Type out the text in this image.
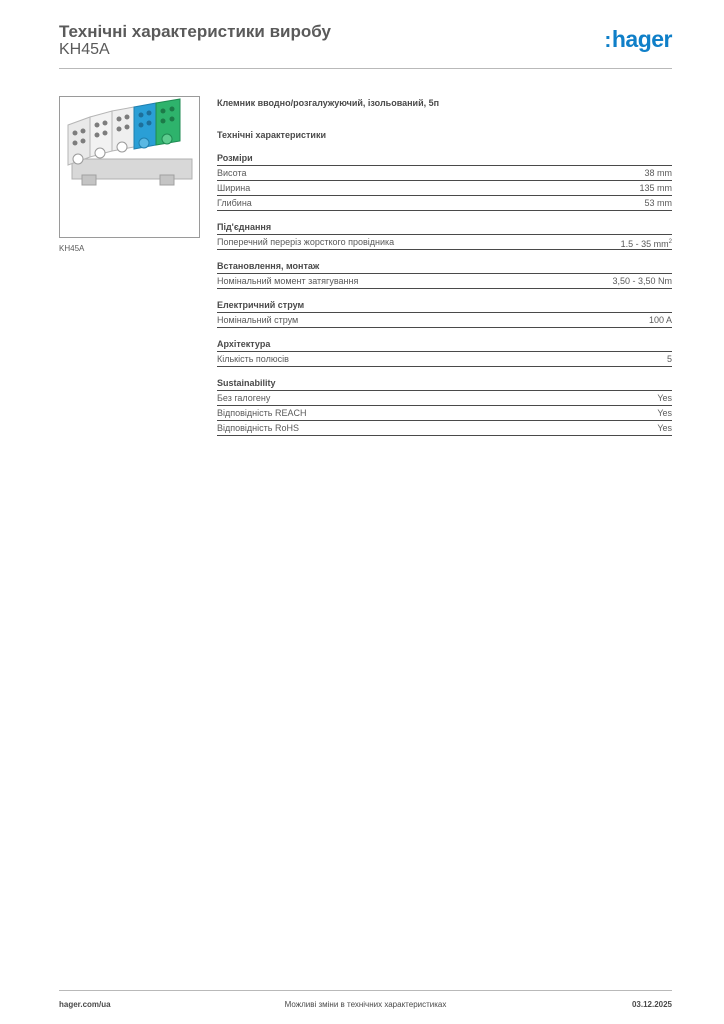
Технічні характеристики виробу
KH45A	:hager
KH45A
Клемник вводно/розгалужуючий, ізольований, 5п
Технічні характеристики
Розміри
Висота	38 mm
Ширина	135 mm
Глибина	53 mm
Під'єднання
Поперечний переріз жорсткого провідника	1.5 - 35 $mm^2$
Встановлення, монтаж
Номінальний момент затягування	3,50 - 3,50 Nm
Електричний струм
Номінальний струм	100 A
Архітектура
Кількість полюсів	5
Sustainability
Без галогену	Yes
Відповідність REACH	Yes
Відповідність RoHS	Yes
hager.com/ua	Можливі зміни в технічних характеристиках	03.12.2025
